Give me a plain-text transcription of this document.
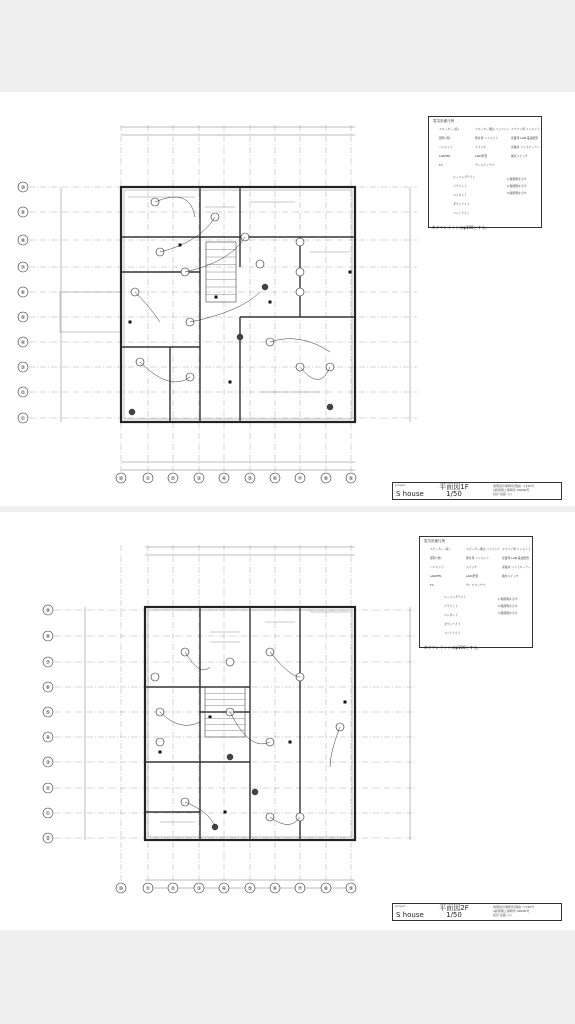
⑩	①	②	③	④	⑤	⑥	⑦	⑧	⑨
⑩
⑨
⑧
⑦
⑥
⑤
④
③
②
①
電気設備凡例
スピーカー (床)	スピーカー埋込 コンセント エアコン用 コンセント
照明 (壁)	壁付用 コンセント	床置用 LAN 電話配管
コンセント	スイッチ	床暖房 コントローラー
LAN/TEL	LAN 配管	換気スイッチ
TV	テレビアンテナ
シーリングライト
ブラケット
ペンダント
ダウンライト
フットライト
1 階照明を示す
2 階照明を示す
3 階照明を示す
※ダウンライトはφ100とする。
project
S house
平面図1F
1/50
建築設計事務所登録(一)740号
1級建築士事務所 00000号
設計 佐藤 ○○
⑩	①	②	③	④	⑤	⑥	⑦	⑧	⑨
⑨
⑧
⑦
⑥
⑤
④
③
②
①
0
電気設備凡例
スピーカー (床)	スピーカー埋込 コンセント エアコン用 コンセント
照明 (壁)	壁付用 コンセント	床置用 LAN 電話配管
コンセント	スイッチ	床暖房 コントローラー
LAN/TEL	LAN 配管	換気スイッチ
TV	テレビアンテナ
シーリングライト
ブラケット
ペンダント
ダウンライト
フットライト
1 階照明を示す
2 階照明を示す
3 階照明を示す
※ダウンライトはφ100とする。
project
S house
平面図2F
1/50
建築設計事務所登録(一)740号
1級建築士事務所 00000号
設計 佐藤 ○○
